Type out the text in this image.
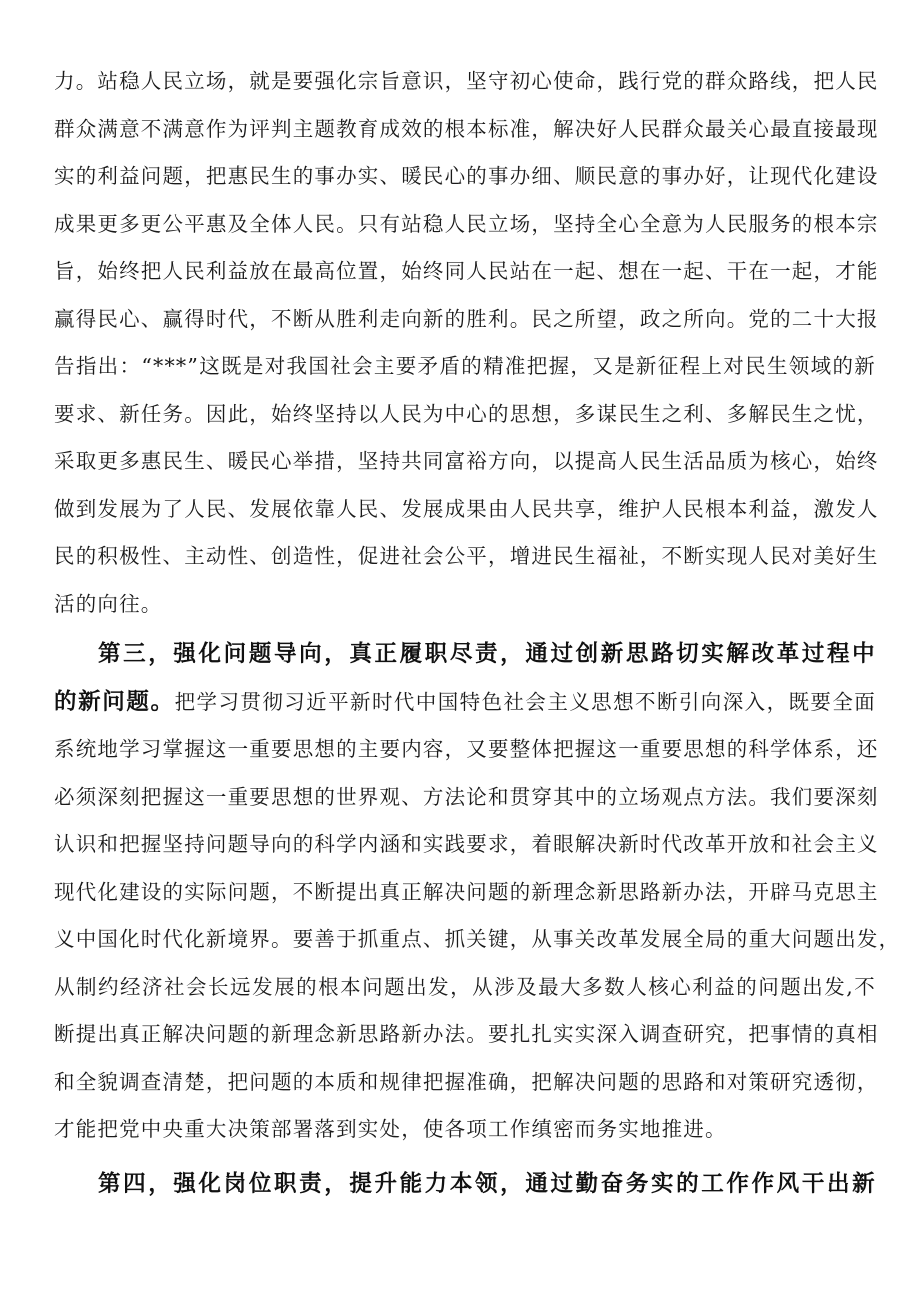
力。站稳人民立场，就是要强化宗旨意识，坚守初心使命，践行党的群众路线，把人民
群众满意不满意作为评判主题教育成效的根本标准，解决好人民群众最关心最直接最现
实的利益问题，把惠民生的事办实、暖民心的事办细、顺民意的事办好，让现代化建设
成果更多更公平惠及全体人民。只有站稳人民立场，坚持全心全意为人民服务的根本宗
旨，始终把人民利益放在最高位置，始终同人民站在一起、想在一起、干在一起，才能
赢得民心、赢得时代，不断从胜利走向新的胜利。民之所望，政之所向。党的二十大报
告指出：“***”这既是对我国社会主要矛盾的精准把握，又是新征程上对民生领域的新
要求、新任务。因此，始终坚持以人民为中心的思想，多谋民生之利、多解民生之忧，
采取更多惠民生、暖民心举措，坚持共同富裕方向，以提高人民生活品质为核心，始终
做到发展为了人民、发展依靠人民、发展成果由人民共享，维护人民根本利益，激发人
民的积极性、主动性、创造性，促进社会公平，增进民生福祉，不断实现人民对美好生
活的向往。
第三，强化问题导向，真正履职尽责，通过创新思路切实解改革过程中
的新问题。把学习贯彻习近平新时代中国特色社会主义思想不断引向深入，既要全面
系统地学习掌握这一重要思想的主要内容，又要整体把握这一重要思想的科学体系，还
必须深刻把握这一重要思想的世界观、方法论和贯穿其中的立场观点方法。我们要深刻
认识和把握坚持问题导向的科学内涵和实践要求，着眼解决新时代改革开放和社会主义
现代化建设的实际问题，不断提出真正解决问题的新理念新思路新办法，开辟马克思主
义中国化时代化新境界。要善于抓重点、抓关键，从事关改革发展全局的重大问题出发，
从制约经济社会长远发展的根本问题出发，从涉及最大多数人核心利益的问题出发,不
断提出真正解决问题的新理念新思路新办法。要扎扎实实深入调查研究，把事情的真相
和全貌调查清楚，把问题的本质和规律把握准确，把解决问题的思路和对策研究透彻，
才能把党中央重大决策部署落到实处，使各项工作缜密而务实地推进。
第四，强化岗位职责，提升能力本领，通过勤奋务实的工作作风干出新
